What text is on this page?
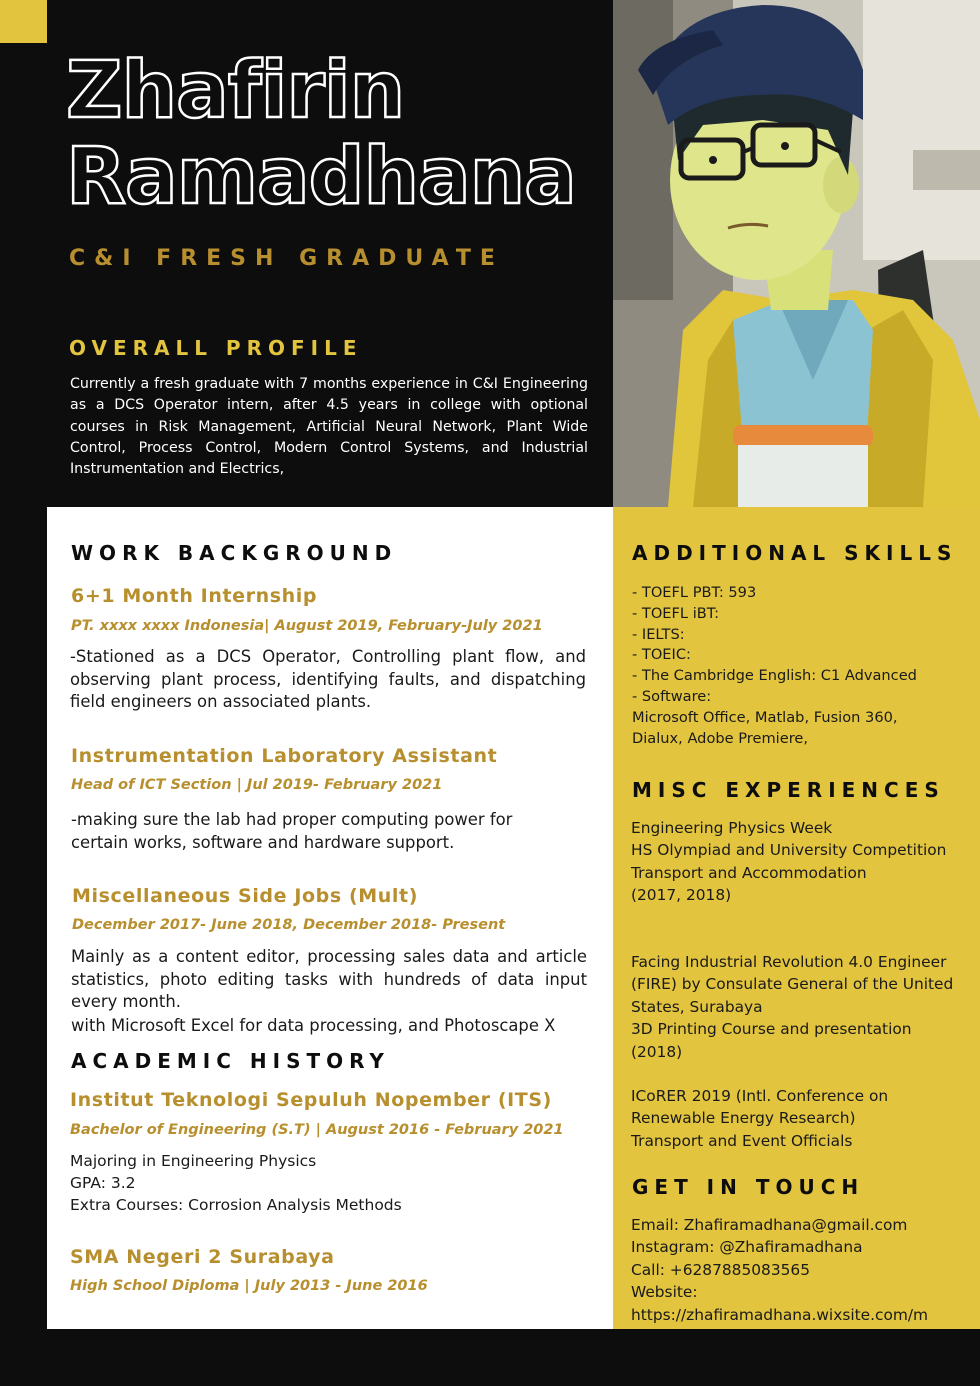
Zhafirin
Ramadhana
C&I FRESH GRADUATE
OVERALL PROFILE
Currently a fresh graduate with 7 months experience in C&I Engineering as a DCS Operator intern, after 4.5 years in college with optional courses in Risk Management, Artificial Neural Network, Plant Wide Control, Process Control, Modern Control Systems, and Industrial Instrumentation and Electrics,
WORK BACKGROUND
6+1 Month Internship
PT. xxxx xxxx Indonesia| August 2019, February-July 2021
-Stationed as a DCS Operator, Controlling plant flow, and observing plant process, identifying faults, and dispatching field engineers on associated plants.
Instrumentation Laboratory Assistant
Head of ICT Section | Jul 2019- February 2021
-making sure the lab had proper computing power for certain works, software and hardware support.
Miscellaneous Side Jobs (Mult)
December 2017- June 2018, December 2018- Present
Mainly as a content editor, processing sales data and article statistics, photo editing tasks with hundreds of data input every month.
with Microsoft Excel for data processing, and Photoscape X
ACADEMIC HISTORY
Institut Teknologi Sepuluh Nopember (ITS)
Bachelor of Engineering (S.T) | August 2016 - February 2021
Majoring in Engineering Physics
GPA: 3.2
Extra Courses: Corrosion Analysis Methods
SMA Negeri 2 Surabaya
High School Diploma | July 2013 - June 2016
ADDITIONAL SKILLS
- TOEFL PBT: 593
- TOEFL iBT:
- IELTS:
- TOEIC:
- The Cambridge English: C1 Advanced
- Software:
Microsoft Office, Matlab, Fusion 360, Dialux, Adobe Premiere,
MISC EXPERIENCES
Engineering Physics Week
HS Olympiad and University Competition
Transport and Accommodation
(2017, 2018)
Facing Industrial Revolution 4.0 Engineer (FIRE) by Consulate General of the United States, Surabaya
3D Printing Course and presentation (2018)
ICoRER 2019 (Intl. Conference on Renewable Energy Research)
Transport and Event Officials
GET IN TOUCH
Email: Zhafiramadhana@gmail.com
Instagram: @Zhafiramadhana
Call: +6287885083565
Website:
https://zhafiramadhana.wixsite.com/m
